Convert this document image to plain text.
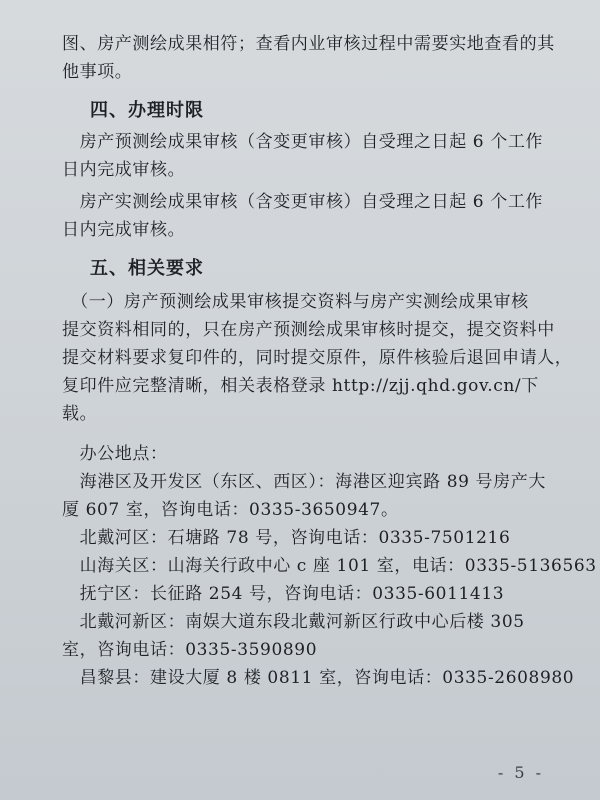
图、房产测绘成果相符；查看内业审核过程中需要实地查看的其
他事项。
四、办理时限
　房产预测绘成果审核（含变更审核）自受理之日起 6 个工作
日内完成审核。
　房产实测绘成果审核（含变更审核）自受理之日起 6 个工作
日内完成审核。
五、相关要求
　（一）房产预测绘成果审核提交资料与房产实测绘成果审核
提交资料相同的，只在房产预测绘成果审核时提交，提交资料中
提交材料要求复印件的，同时提交原件，原件核验后退回申请人，
复印件应完整清晰，相关表格登录 http://zjj.qhd.gov.cn/下
载。
　办公地点：
　海港区及开发区（东区、西区）：海港区迎宾路 89 号房产大
厦 607 室，咨询电话：0335-3650947。
　北戴河区：石塘路 78 号，咨询电话：0335-7501216
　山海关区：山海关行政中心 c 座 101 室，电话：0335-5136563
　抚宁区：长征路 254 号，咨询电话：0335-6011413
　北戴河新区：南娱大道东段北戴河新区行政中心后楼 305
室，咨询电话：0335-3590890
　昌黎县：建设大厦 8 楼 0811 室，咨询电话：0335-2608980
- 5 -
